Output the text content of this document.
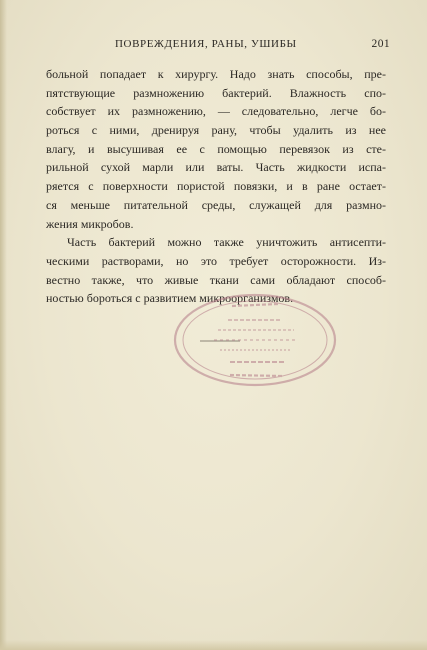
ПОВРЕЖДЕНИЯ, РАНЫ, УШИБЫ	201
больной попадает к хирургу. Надо знать способы, пре-
пятствующие размножению бактерий. Влажность спо-
собствует их размножению, — следовательно, легче бо-
роться с ними, дренируя рану, чтобы удалить из нее
влагу, и высушивая ее с помощью перевязок из сте-
рильной сухой марли или ваты. Часть жидкости испа-
ряется с поверхности пористой повязки, и в ране остает-
ся меньше питательной среды, служащей для размно-
жения микробов.
Часть бактерий можно также уничтожить антисепти-
ческими растворами, но это требует осторожности. Из-
вестно также, что живые ткани сами обладают способ-
ностью бороться с развитием микроорганизмов.
